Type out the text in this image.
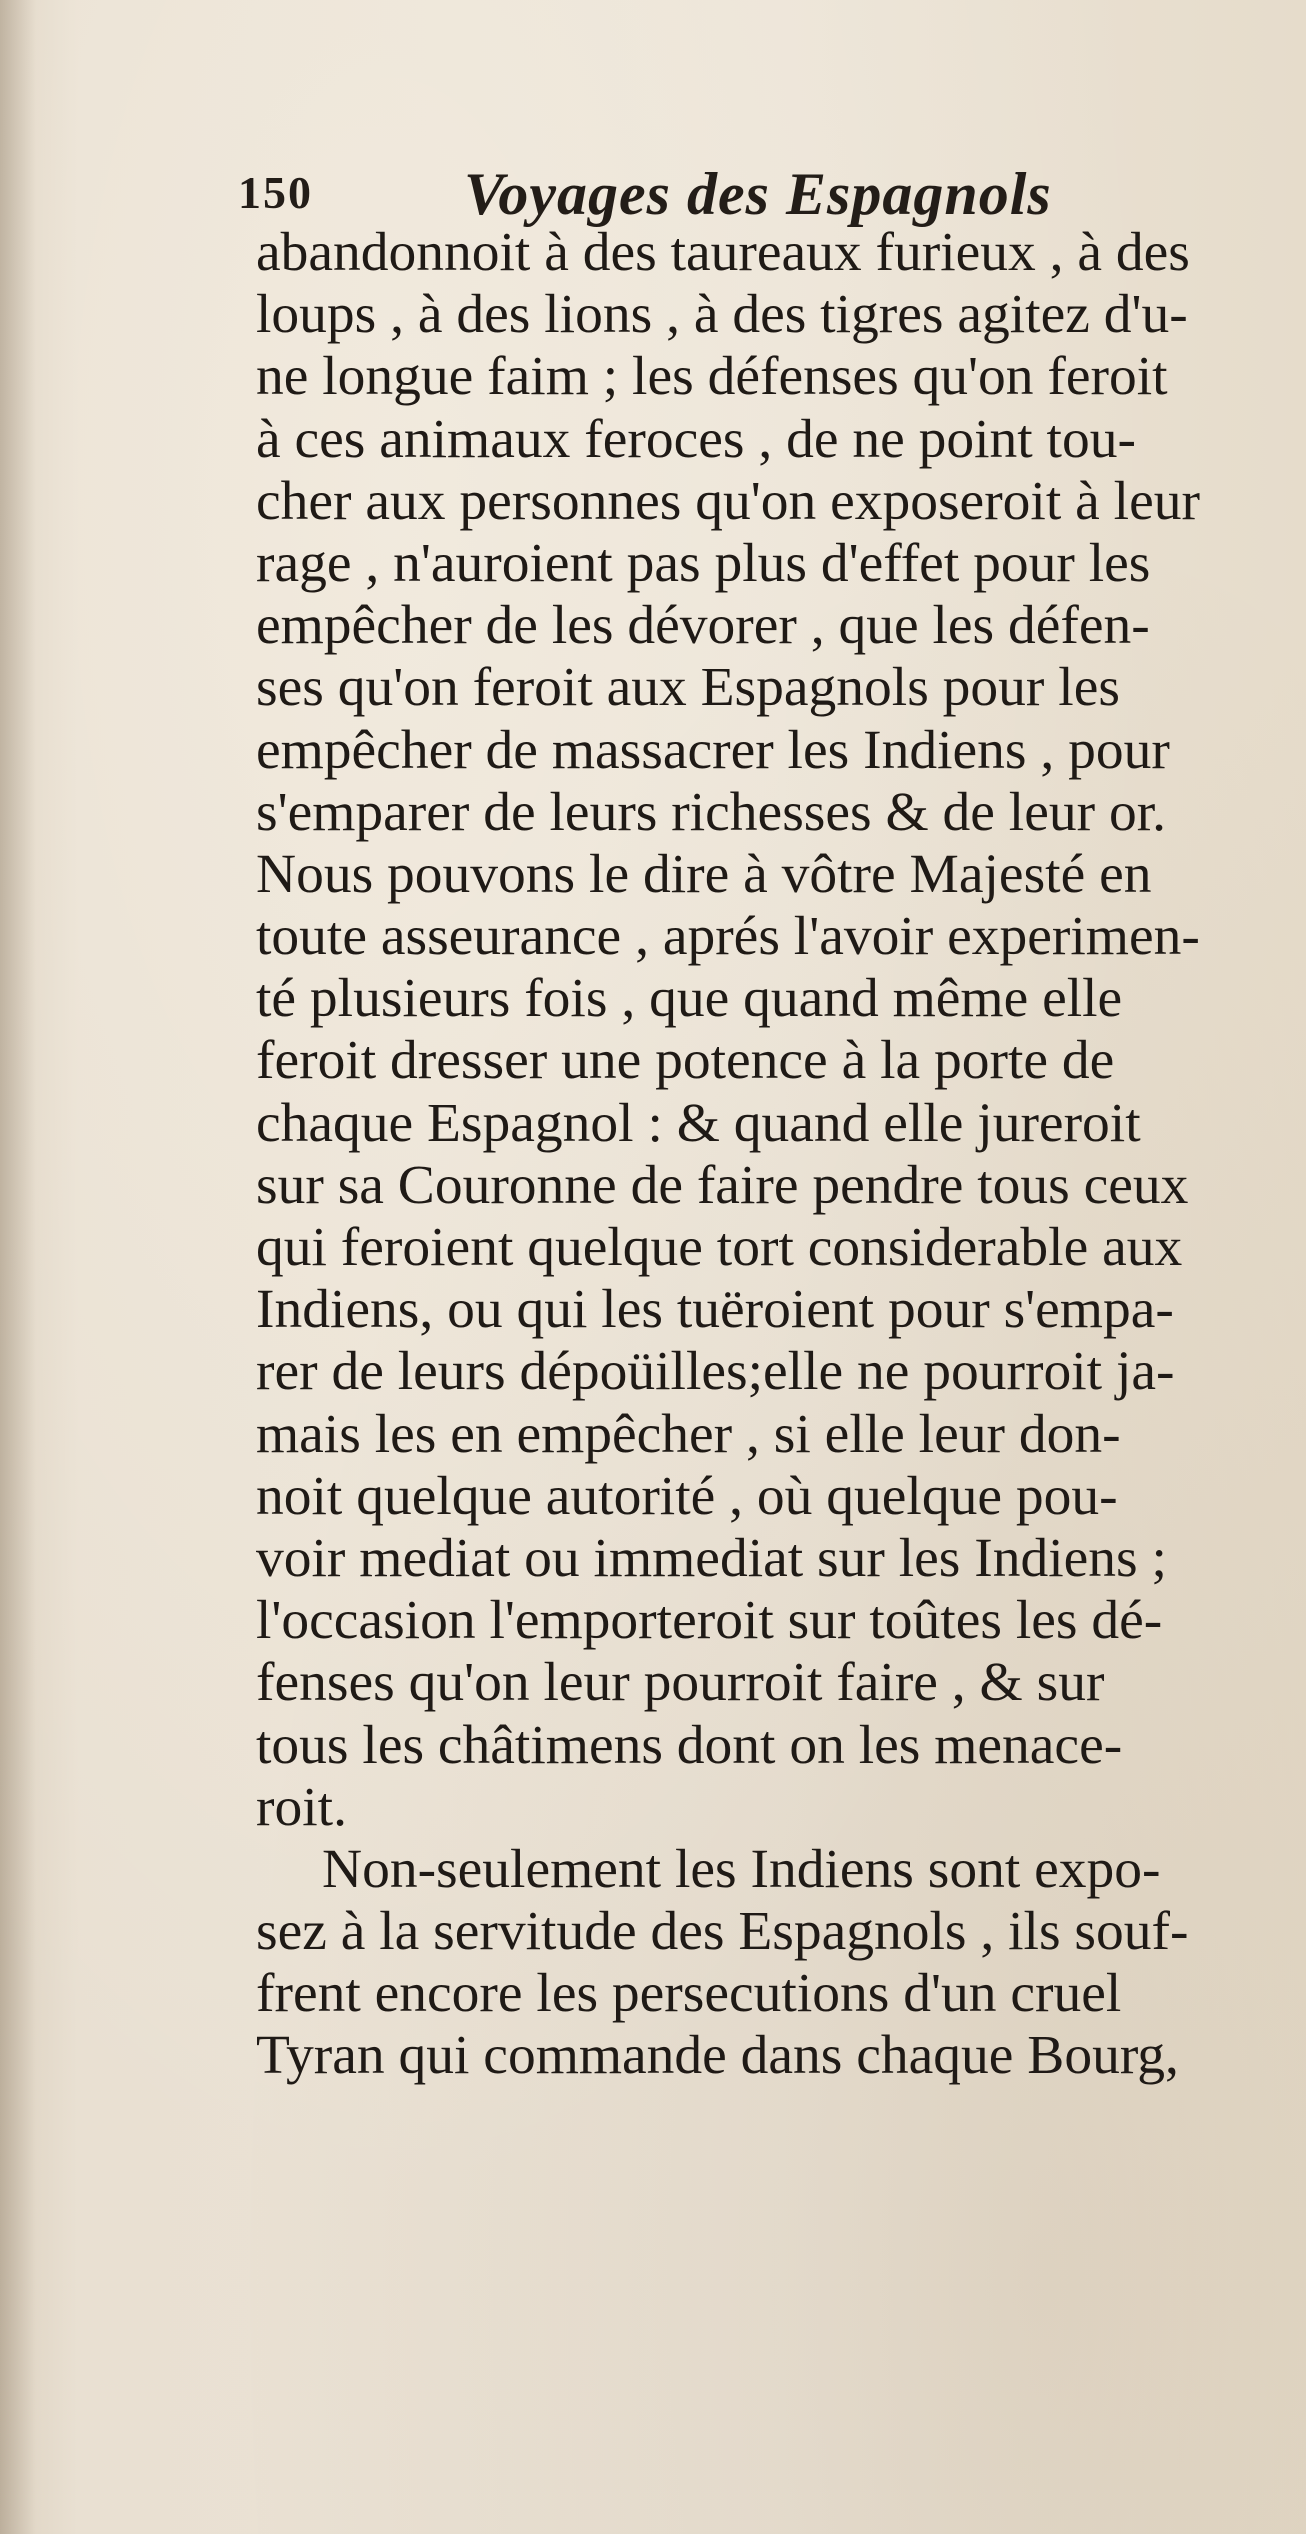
150	Voyages des Espagnols
abandonnoit à des taureaux furieux , à des
loups , à des lions , à des tigres agitez d'u-
ne longue faim ; les défenses qu'on feroit
à ces animaux feroces , de ne point tou-
cher aux personnes qu'on exposeroit à leur
rage , n'auroient pas plus d'effet pour les
empêcher de les dévorer , que les défen-
ses qu'on feroit aux Espagnols pour les
empêcher de massacrer les Indiens , pour
s'emparer de leurs richesses & de leur or.
Nous pouvons le dire à vôtre Majesté en
toute asseurance , aprés l'avoir experimen-
té plusieurs fois , que quand même elle
feroit dresser une potence à la porte de
chaque Espagnol : & quand elle jureroit
sur sa Couronne de faire pendre tous ceux
qui feroient quelque tort considerable aux
Indiens, ou qui les tuëroient pour s'empa-
rer de leurs dépoüilles;elle ne pourroit ja-
mais les en empêcher , si elle leur don-
noit quelque autorité , où quelque pou-
voir mediat ou immediat sur les Indiens ;
l'occasion l'emporteroit sur toûtes les dé-
fenses qu'on leur pourroit faire , & sur
tous les châtimens dont on les menace-
roit.
Non-seulement les Indiens sont expo-
sez à la servitude des Espagnols , ils souf-
frent encore les persecutions d'un cruel
Tyran qui commande dans chaque Bourg,
